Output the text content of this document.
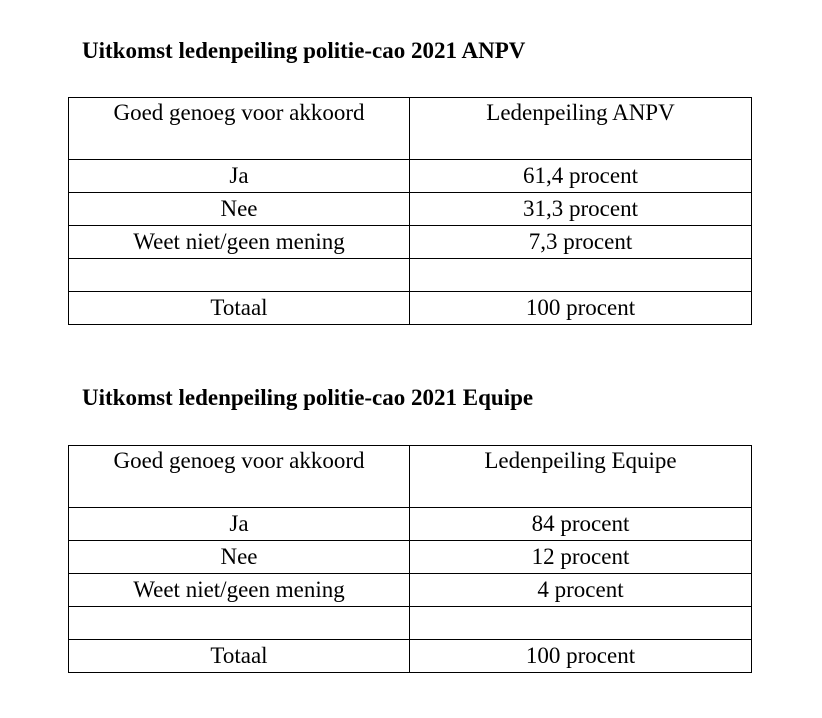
Uitkomst ledenpeiling politie-cao 2021 ANPV
Goed genoeg voor akkoord	Ledenpeiling ANPV
Ja	61,4 procent
Nee	31,3 procent
Weet niet/geen mening	7,3 procent

Totaal	100 procent
Uitkomst ledenpeiling politie-cao 2021 Equipe
Goed genoeg voor akkoord	Ledenpeiling Equipe
Ja	84 procent
Nee	12 procent
Weet niet/geen mening	4 procent

Totaal	100 procent
